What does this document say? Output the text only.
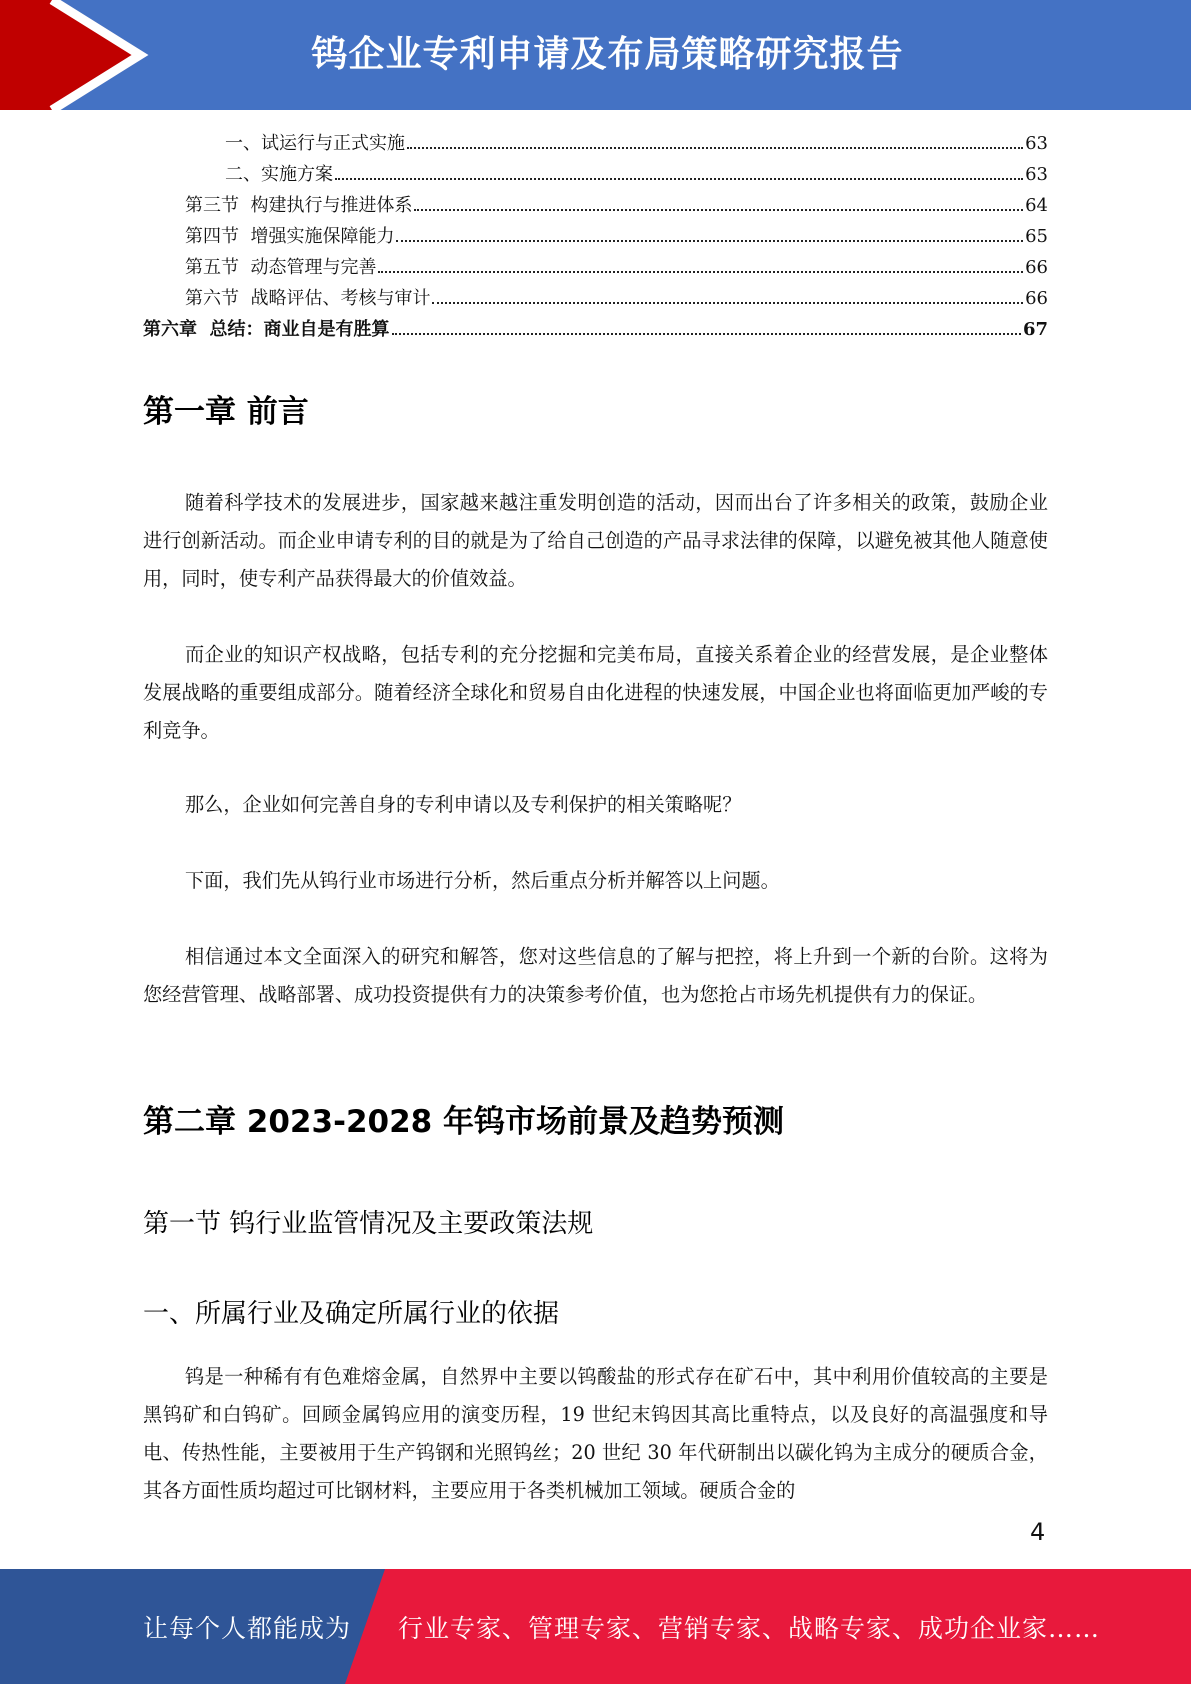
钨企业专利申请及布局策略研究报告
一、试运行与正式实施	63
二、实施方案	63
第三节  构建执行与推进体系	64
第四节  增强实施保障能力	65
第五节  动态管理与完善	66
第六节  战略评估、考核与审计	66
第六章  总结：商业自是有胜算	67
第一章 前言

随着科学技术的发展进步，国家越来越注重发明创造的活动，因而出台了许多相关的政策，鼓励企业进行创新活动。而企业申请专利的目的就是为了给自己创造的产品寻求法律的保障，以避免被其他人随意使用，同时，使专利产品获得最大的价值效益。

而企业的知识产权战略，包括专利的充分挖掘和完美布局，直接关系着企业的经营发展，是企业整体发展战略的重要组成部分。随着经济全球化和贸易自由化进程的快速发展，中国企业也将面临更加严峻的专利竞争。

那么，企业如何完善自身的专利申请以及专利保护的相关策略呢？

下面，我们先从钨行业市场进行分析，然后重点分析并解答以上问题。

相信通过本文全面深入的研究和解答，您对这些信息的了解与把控，将上升到一个新的台阶。这将为您经营管理、战略部署、成功投资提供有力的决策参考价值，也为您抢占市场先机提供有力的保证。

第二章 2023-2028 年钨市场前景及趋势预测
第一节 钨行业监管情况及主要政策法规
一、所属行业及确定所属行业的依据

钨是一种稀有有色难熔金属，自然界中主要以钨酸盐的形式存在矿石中，其中利用价值较高的主要是黑钨矿和白钨矿。回顾金属钨应用的演变历程，19 世纪末钨因其高比重特点，以及良好的高温强度和导电、传热性能，主要被用于生产钨钢和光照钨丝；20 世纪 30 年代研制出以碳化钨为主成分的硬质合金，其各方面性质均超过可比钢材料，主要应用于各类机械加工领域。硬质合金的

4
让每个人都能成为 行业专家、管理专家、营销专家、战略专家、成功企业家……
